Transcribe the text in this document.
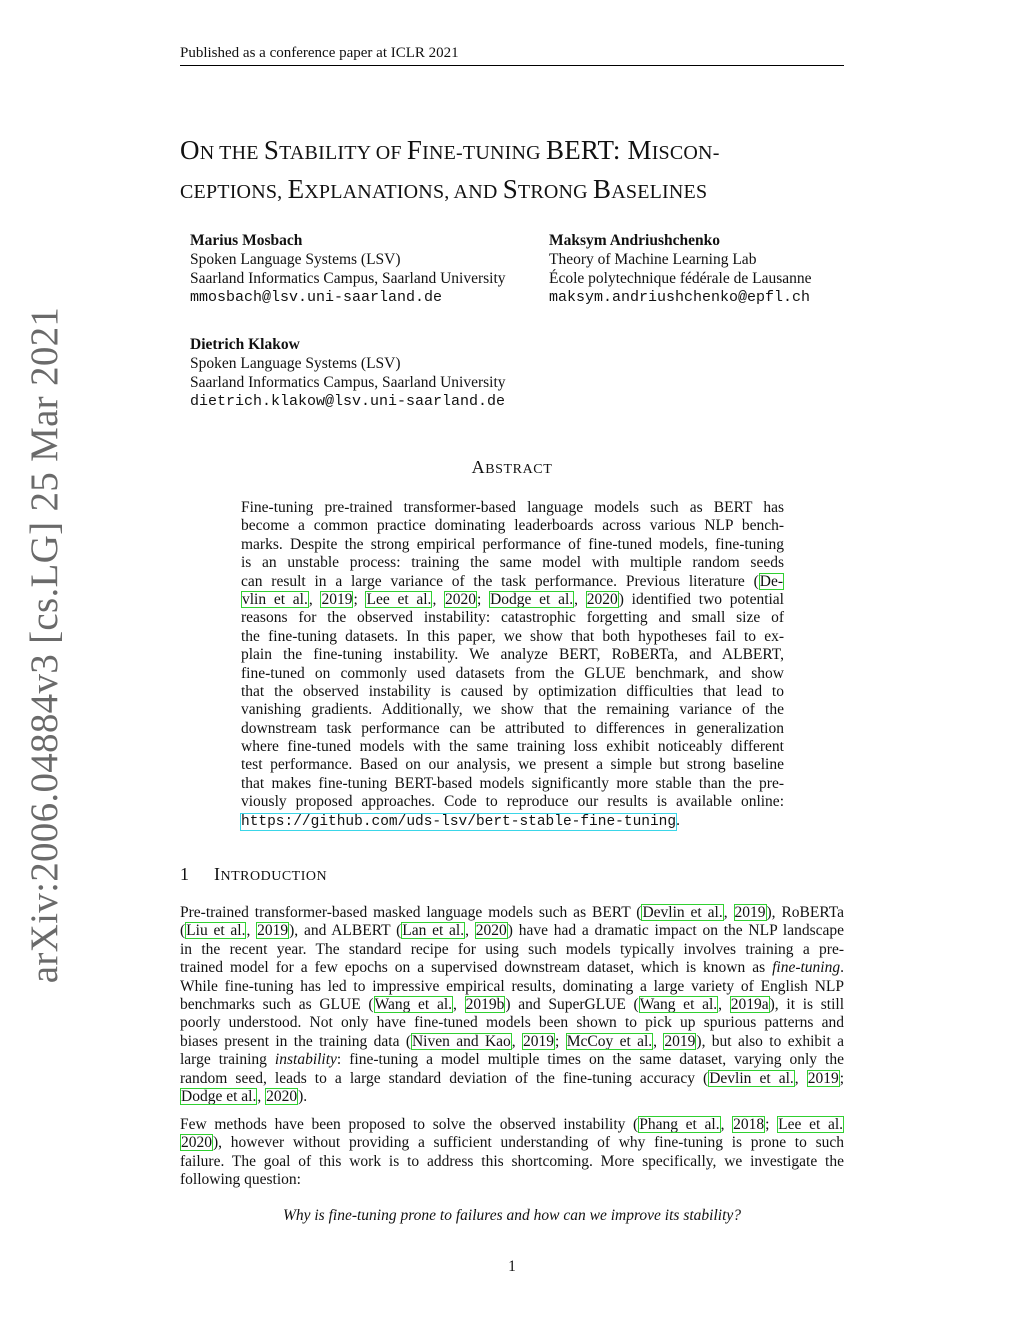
Published as a conference paper at ICLR 2021
arXiv:2006.04884v3 [cs.LG] 25 Mar 2021
ON THE STABILITY OF FINE-TUNING BERT: MISCON-
CEPTIONS, EXPLANATIONS, AND STRONG BASELINES
Marius Mosbach
Spoken Language Systems (LSV)
Saarland Informatics Campus, Saarland University
mmosbach@lsv.uni-saarland.de
Maksym Andriushchenko
Theory of Machine Learning Lab
École polytechnique fédérale de Lausanne
maksym.andriushchenko@epfl.ch
Dietrich Klakow
Spoken Language Systems (LSV)
Saarland Informatics Campus, Saarland University
dietrich.klakow@lsv.uni-saarland.de
ABSTRACT
Fine-tuning pre-trained transformer-based language models such as BERT has
become a common practice dominating leaderboards across various NLP bench-
marks. Despite the strong empirical performance of fine-tuned models, fine-tuning
is an unstable process: training the same model with multiple random seeds
can result in a large variance of the task performance. Previous literature (De-
vlin et al., 2019; Lee et al., 2020; Dodge et al., 2020) identified two potential
reasons for the observed instability: catastrophic forgetting and small size of
the fine-tuning datasets. In this paper, we show that both hypotheses fail to ex-
plain the fine-tuning instability. We analyze BERT, RoBERTa, and ALBERT,
fine-tuned on commonly used datasets from the GLUE benchmark, and show
that the observed instability is caused by optimization difficulties that lead to
vanishing gradients. Additionally, we show that the remaining variance of the
downstream task performance can be attributed to differences in generalization
where fine-tuned models with the same training loss exhibit noticeably different
test performance. Based on our analysis, we present a simple but strong baseline
that makes fine-tuning BERT-based models significantly more stable than the pre-
viously proposed approaches. Code to reproduce our results is available online:
https://github.com/uds-lsv/bert-stable-fine-tuning.
1 INTRODUCTION
Pre-trained transformer-based masked language models such as BERT (Devlin et al., 2019), RoBERTa
(Liu et al., 2019), and ALBERT (Lan et al., 2020) have had a dramatic impact on the NLP landscape
in the recent year. The standard recipe for using such models typically involves training a pre-
trained model for a few epochs on a supervised downstream dataset, which is known as fine-tuning.
While fine-tuning has led to impressive empirical results, dominating a large variety of English NLP
benchmarks such as GLUE (Wang et al., 2019b) and SuperGLUE (Wang et al., 2019a), it is still
poorly understood. Not only have fine-tuned models been shown to pick up spurious patterns and
biases present in the training data (Niven and Kao, 2019; McCoy et al., 2019), but also to exhibit a
large training instability: fine-tuning a model multiple times on the same dataset, varying only the
random seed, leads to a large standard deviation of the fine-tuning accuracy (Devlin et al., 2019;
Dodge et al., 2020).
Few methods have been proposed to solve the observed instability (Phang et al., 2018; Lee et al.
2020), however without providing a sufficient understanding of why fine-tuning is prone to such
failure. The goal of this work is to address this shortcoming. More specifically, we investigate the
following question:
Why is fine-tuning prone to failures and how can we improve its stability?
1
